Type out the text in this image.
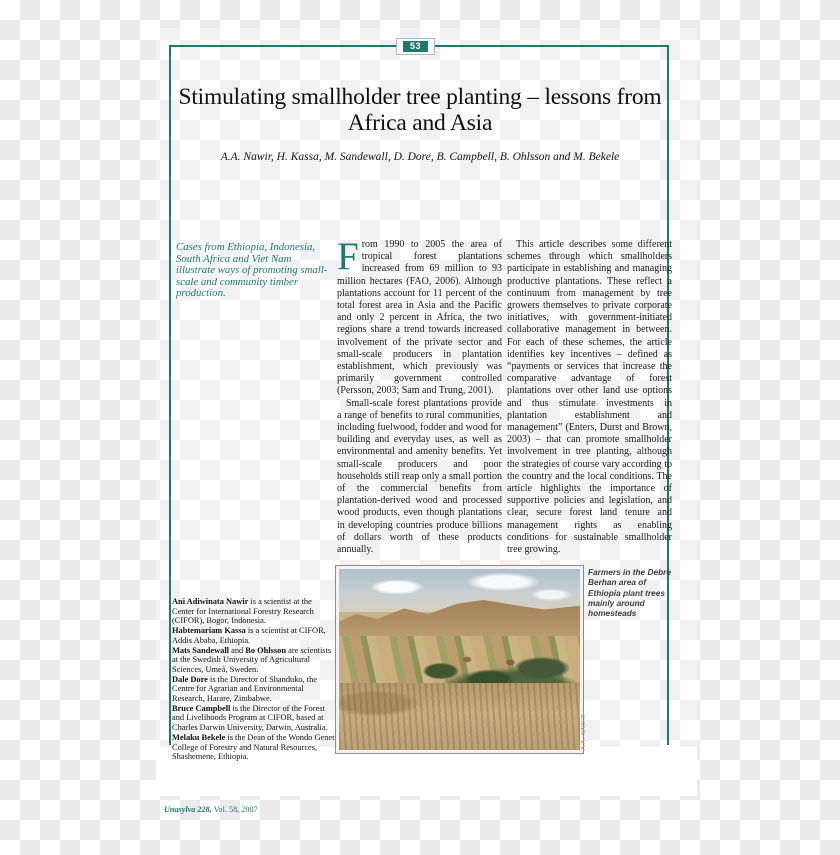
53
Stimulating smallholder tree planting – lessons from Africa and Asia
A.A. Nawir, H. Kassa, M. Sandewall, D. Dore, B. Campbell, B. Ohlsson and M. Bekele
Cases from Ethiopia, Indonesia, South Africa and Viet Nam illustrate ways of promoting small-scale and community timber production.

From 1990 to 2005 the area of tropical forest plantations increased from 69 million to 93 million hectares (FAO, 2006). Although plantations account for 11 percent of the total forest area in Asia and the Pacific and only 2 percent in Africa, the two regions share a trend towards increased involvement of the private sector and small-scale producers in plantation establishment, which previously was primarily government controlled (Persson, 2003; Sam and Trung, 2001).

Small-scale forest plantations provide a range of benefits to rural communities, including fuelwood, fodder and wood for building and everyday uses, as well as environmental and amenity benefits. Yet small-scale producers and poor households still reap only a small portion of the commercial benefits from plantation-derived wood and processed wood products, even though plantations in developing countries produce billions of dollars worth of these products annually.

This article describes some different schemes through which smallholders participate in establishing and managing productive plantations. These reflect a continuum from management by tree growers themselves to private corporate initiatives, with government-initiated collaborative management in between. For each of these schemes, the article identifies key incentives – defined as “payments or services that increase the comparative advantage of forest plantations over other land use options and thus stimulate investments in plantation establishment and management” (Enters, Durst and Brown, 2003) – that can promote smallholder involvement in tree planting, although the strategies of course vary according to the country and the local conditions. The article highlights the importance of supportive policies and legislation, and clear, secure forest land tenure and management rights as enabling conditions for sustainable smallholder tree growing.

Ani Adiwinata Nawir is a scientist at the Center for International Forestry Research (CIFOR), Bogor, Indonesia.
Habtemariam Kassa is a scientist at CIFOR, Addis Ababa, Ethiopia.
Mats Sandewall and Bo Ohlsson are scientists at the Swedish University of Agricultural Sciences, Umeå, Sweden.
Dale Dore is the Director of Shanduko, the Centre for Agrarian and Environmental Research, Harare, Zimbabwe.
Bruce Campbell is the Director of the Forest and Livelihoods Program at CIFOR, based at Charles Darwin University, Darwin, Australia.
Melaku Bekele is the Dean of the Wondo Genet College of Forestry and Natural Resources, Shashemene, Ethiopia.
Farmers in the Debre Berhan area of Ethiopia plant trees mainly around homesteads
A.A. NAWIR
Unasylva 228, Vol. 58, 2007
